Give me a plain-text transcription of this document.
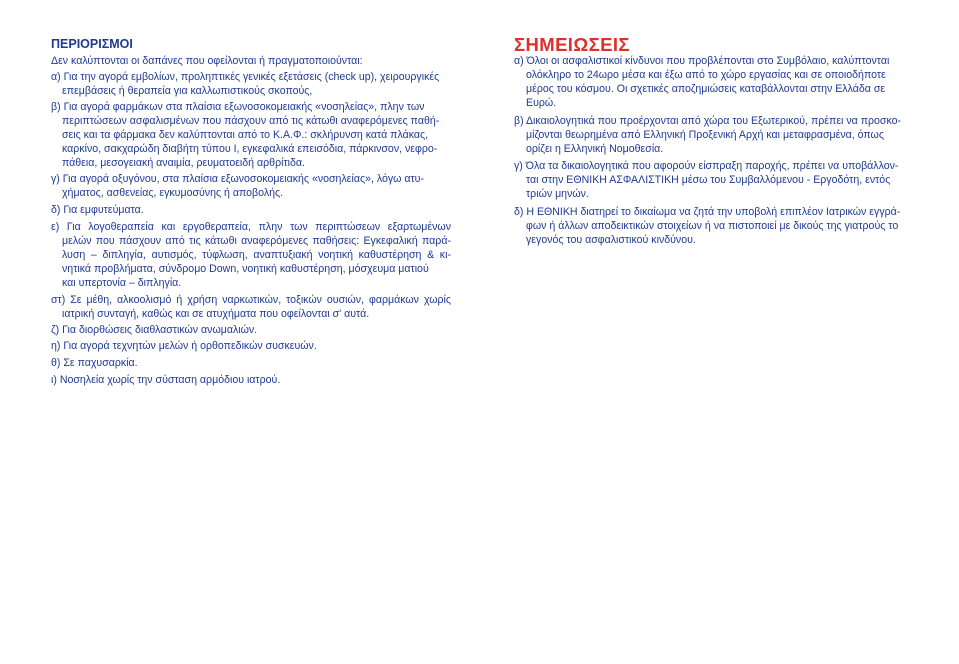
ΠΕΡΙΟΡΙΣΜΟΙ
Δεν καλύπτονται οι δαπάνες που οφείλονται ή πραγματοποιούνται:
α) Για την αγορά εμβολίων, προληπτικές γενικές εξετάσεις (check up), χειρουργικές
επεμβάσεις ή θεραπεία για καλλωπιστικούς σκοπούς,
β) Για αγορά φαρμάκων στα πλαίσια εξωνοσοκομειακής «νοσηλείας», πλην των
περιπτώσεων ασφαλισμένων που πάσχουν από τις κάτωθι αναφερόμενες παθή-
σεις και τα φάρμακα δεν καλύπτονται από το Κ.Α.Φ.: σκλήρυνση κατά πλάκας,
καρκίνο, σακχαρώδη διαβήτη τύπου Ι, εγκεφαλικά επεισόδια, πάρκινσον, νεφρο-
πάθεια, μεσογειακή αναιμία, ρευματοειδή αρθρίτιδα.
γ) Για αγορά οξυγόνου, στα πλαίσια εξωνοσοκομειακής «νοσηλείας», λόγω ατυ-
χήματος, ασθενείας, εγκυμοσύνης ή αποβολής.
δ) Για εμφυτεύματα.
ε) Για λογοθεραπεία και εργοθεραπεία, πλην των περιπτώσεων εξαρτωμένων
μελών που πάσχουν από τις κάτωθι αναφερόμενες παθήσεις: Εγκεφαλική παρά-
λυση – διπληγία, αυτισμός, τύφλωση, αναπτυξιακή νοητική καθυστέρηση & κι-
νητικά προβλήματα, σύνδρομο Down, νοητική καθυστέρηση, μόσχευμα ματιού
και υπερτονία – διπληγία.
στ) Σε μέθη, αλκοολισμό ή χρήση ναρκωτικών, τοξικών ουσιών, φαρμάκων χωρίς
ιατρική συνταγή, καθώς και σε ατυχήματα που οφείλονται σ' αυτά.
ζ) Για διορθώσεις διαθλαστικών ανωμαλιών.
η) Για αγορά τεχνητών μελών ή ορθοπεδικών συσκευών.
θ) Σε παχυσαρκία.
ι) Νοσηλεία χωρίς την σύσταση αρμόδιου ιατρού.
ΣΗΜΕΙΩΣΕΙΣ
α) Όλοι οι ασφαλιστικοί κίνδυνοι που προβλέπονται στο Συμβόλαιο, καλύπτονται
ολόκληρο το 24ωρο μέσα και έξω από το χώρο εργασίας και σε οποιοδήποτε
μέρος του κόσμου. Οι σχετικές αποζημιώσεις καταβάλλονται στην Ελλάδα σε
Ευρώ.
β) Δικαιολογητικά που προέρχονται από χώρα του Εξωτερικού, πρέπει να προσκο-
μίζονται θεωρημένα από Ελληνική Προξενική Αρχή και μεταφρασμένα, όπως
ορίζει η Ελληνική Νομοθεσία.
γ) Όλα τα δικαιολογητικά που αφορούν είσπραξη παροχής, πρέπει να υποβάλλον-
ται στην ΕΘΝΙΚΗ ΑΣΦΑΛΙΣΤΙΚΗ μέσω του Συμβαλλόμενου - Εργοδότη, εντός
τριών μηνών.
δ) Η ΕΘΝΙΚΗ διατηρεί το δικαίωμα να ζητά την υποβολή επιπλέον Ιατρικών εγγρά-
φων ή άλλων αποδεικτικών στοιχείων ή να πιστοποιεί με δικούς της γιατρούς το
γεγονός του ασφαλιστικού κινδύνου.
